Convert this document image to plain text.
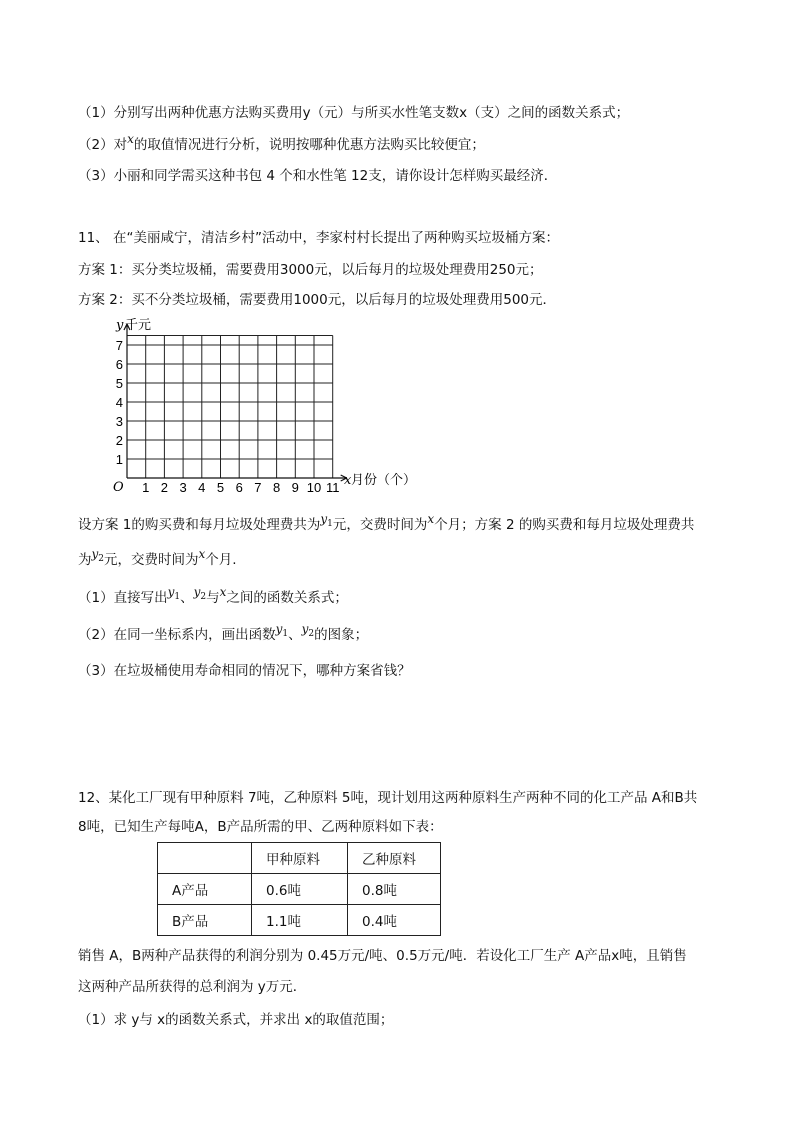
（1）分别写出两种优惠方法购买费用y（元）与所买水性笔支数x（支）之间的函数关系式；
（2）对x的取值情况进行分析，说明按哪种优惠方法购买比较便宜；
（3）小丽和同学需买这种书包 4 个和水性笔 12支，请你设计怎样购买最经济．
11、 在“美丽咸宁，清洁乡村”活动中，李家村村长提出了两种购买垃圾桶方案：
方案 1：买分类垃圾桶，需要费用3000元，以后每月的垃圾处理费用250元；
方案 2：买不分类垃圾桶，需要费用1000元，以后每月的垃圾处理费用500元．
1 2 3 4 5 6 7 8 9 10 11
1
2
3
4
5
6
7
y 千元
x 月份（个）
O
设方案 1的购买费和每月垃圾处理费共为$y^1$元，交费时间为x个月；方案 2 的购买费和每月垃圾处理费共
为$y^2$元，交费时间为x个月.
（1）直接写出$y^1$、$y^2$与x之间的函数关系式；
（2）在同一坐标系内，画出函数$y^1$、$y^2$的图象；
（3）在垃圾桶使用寿命相同的情况下，哪种方案省钱？
12、某化工厂现有甲种原料 7吨，乙种原料 5吨，现计划用这两种原料生产两种不同的化工产品 A和B共
8吨，已知生产每吨A，B产品所需的甲、乙两种原料如下表：
	甲种原料	乙种原料
A产品	0.6吨	0.8吨
B产品	1.1吨	0.4吨
销售 A，B两种产品获得的利润分别为 0.45万元/吨、0.5万元/吨．若设化工厂生产 A产品x吨，且销售
这两种产品所获得的总利润为 y万元．
（1）求 y与 x的函数关系式，并求出 x的取值范围；
